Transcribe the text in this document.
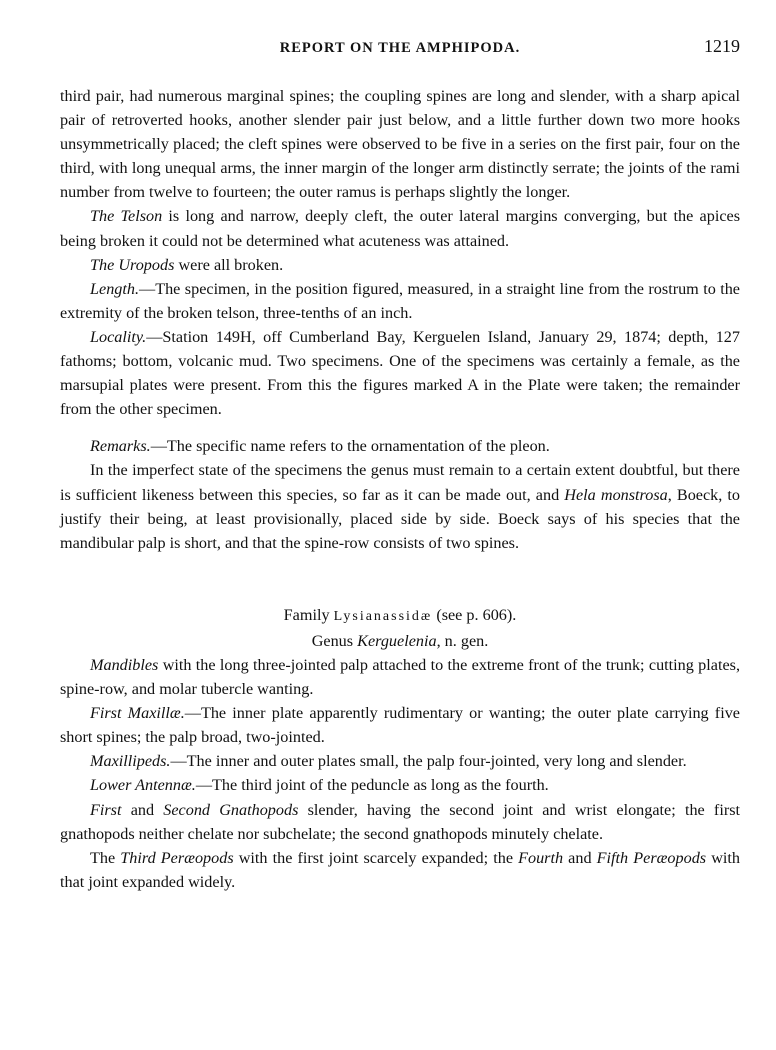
REPORT ON THE AMPHIPODA.	1219

third pair, had numerous marginal spines; the coupling spines are long and slender, with a sharp apical pair of retroverted hooks, another slender pair just below, and a little further down two more hooks unsymmetrically placed; the cleft spines were observed to be five in a series on the first pair, four on the third, with long unequal arms, the inner margin of the longer arm distinctly serrate; the joints of the rami number from twelve to fourteen; the outer ramus is perhaps slightly the longer.

The Telson is long and narrow, deeply cleft, the outer lateral margins converging, but the apices being broken it could not be determined what acuteness was attained.

The Uropods were all broken.

Length.—The specimen, in the position figured, measured, in a straight line from the rostrum to the extremity of the broken telson, three-tenths of an inch.

Locality.—Station 149H, off Cumberland Bay, Kerguelen Island, January 29, 1874; depth, 127 fathoms; bottom, volcanic mud. Two specimens. One of the specimens was certainly a female, as the marsupial plates were present. From this the figures marked A in the Plate were taken; the remainder from the other specimen.

Remarks.—The specific name refers to the ornamentation of the pleon.

In the imperfect state of the specimens the genus must remain to a certain extent doubtful, but there is sufficient likeness between this species, so far as it can be made out, and Hela monstrosa, Boeck, to justify their being, at least provisionally, placed side by side. Boeck says of his species that the mandibular palp is short, and that the spine-row consists of two spines.

Family Lysianassidæ (see p. 606).

Genus Kerguelenia, n. gen.

Mandibles with the long three-jointed palp attached to the extreme front of the trunk; cutting plates, spine-row, and molar tubercle wanting.

First Maxillæ.—The inner plate apparently rudimentary or wanting; the outer plate carrying five short spines; the palp broad, two-jointed.

Maxillipeds.—The inner and outer plates small, the palp four-jointed, very long and slender.

Lower Antennæ.—The third joint of the peduncle as long as the fourth.

First and Second Gnathopods slender, having the second joint and wrist elongate; the first gnathopods neither chelate nor subchelate; the second gnathopods minutely chelate.

The Third Peræopods with the first joint scarcely expanded; the Fourth and Fifth Peræopods with that joint expanded widely.
